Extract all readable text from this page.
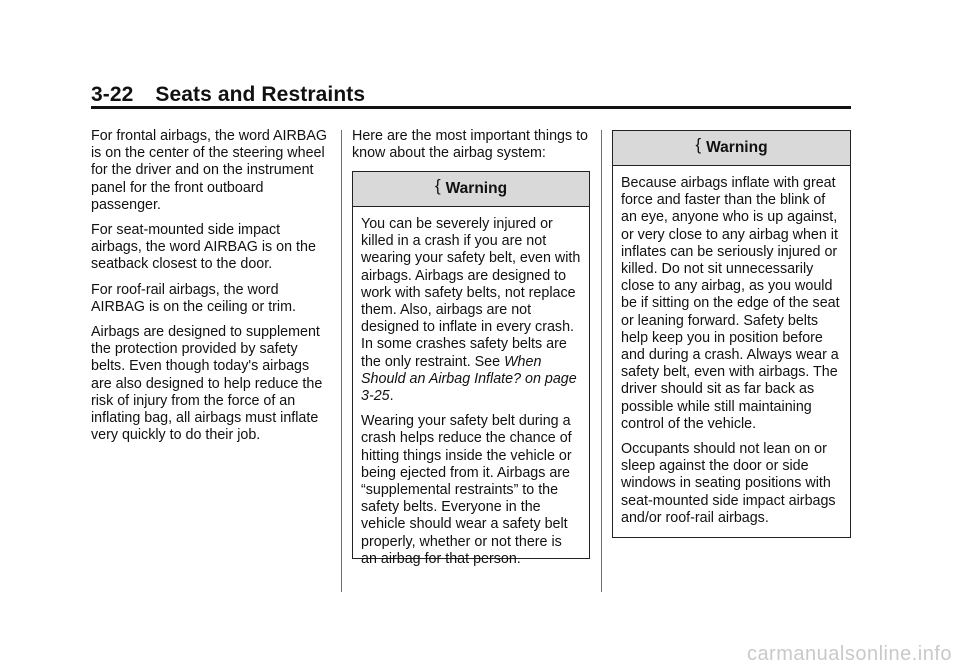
3-22 Seats and Restraints

For frontal airbags, the word AIRBAG is on the center of the steering wheel for the driver and on the instrument panel for the front outboard passenger.

For seat-mounted side impact airbags, the word AIRBAG is on the seatback closest to the door.

For roof-rail airbags, the word AIRBAG is on the ceiling or trim.

Airbags are designed to supplement the protection provided by safety belts. Even though today's airbags are also designed to help reduce the risk of injury from the force of an inflating bag, all airbags must inflate very quickly to do their job.

Here are the most important things to know about the airbag system:

{ Warning

You can be severely injured or killed in a crash if you are not wearing your safety belt, even with airbags. Airbags are designed to work with safety belts, not replace them. Also, airbags are not designed to inflate in every crash. In some crashes safety belts are the only restraint. See When Should an Airbag Inflate? on page 3-25.

Wearing your safety belt during a crash helps reduce the chance of hitting things inside the vehicle or being ejected from it. Airbags are “supplemental restraints” to the safety belts. Everyone in the vehicle should wear a safety belt properly, whether or not there is an airbag for that person.

{ Warning

Because airbags inflate with great force and faster than the blink of an eye, anyone who is up against, or very close to any airbag when it inflates can be seriously injured or killed. Do not sit unnecessarily close to any airbag, as you would be if sitting on the edge of the seat or leaning forward. Safety belts help keep you in position before and during a crash. Always wear a safety belt, even with airbags. The driver should sit as far back as possible while still maintaining control of the vehicle.

Occupants should not lean on or sleep against the door or side windows in seating positions with seat-mounted side impact airbags and/or roof-rail airbags.

carmanualsonline.info
